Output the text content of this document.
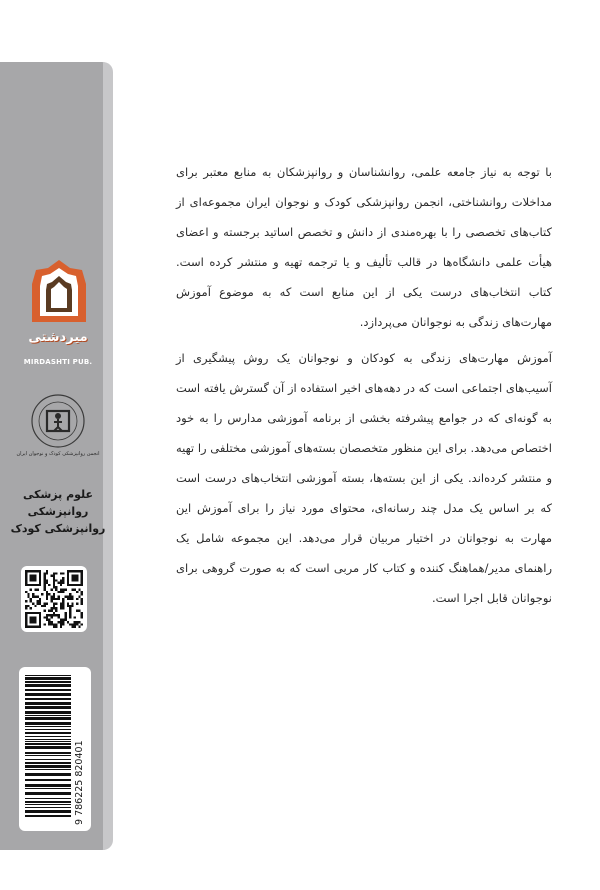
میردشتی
MIRDASHTI PUB.
انجمن روانپزشکی کودک و نوجوان ایران
علوم پزشکی
روانپزشکی
روانپزشکی کودک
9 786225 820401

با توجه به نیاز جامعه علمی، روانشناسان و روانپزشکان به منابع معتبر برای مداخلات روانشناختی، انجمن روانپزشکی کودک و نوجوان ایران مجموعه‌ای از کتاب‌های تخصصی را با بهره‌مندی از دانش و تخصص اساتید برجسته و اعضای هیأت علمی دانشگاه‌ها در قالب تألیف و یا ترجمه تهیه و منتشر کرده است. کتاب انتخاب‌های درست یکی از این منابع است که به موضوع آموزش مهارت‌های زندگی به نوجوانان می‌پردازد.

آموزش مهارت‌های زندگی به کودکان و نوجوانان یک روش پیشگیری از آسیب‌های اجتماعی است که در دهه‌های اخیر استفاده از آن گسترش یافته است به گونه‌ای که در جوامع پیشرفته بخشی از برنامه آموزشی مدارس را به خود اختصاص می‌دهد. برای این منظور متخصصان بسته‌های آموزشی مختلفی را تهیه و منتشر کرده‌اند. یکی از این بسته‌ها، بسته آموزشی انتخاب‌های درست است که بر اساس یک مدل چند رسانه‌ای، محتوای مورد نیاز را برای آموزش این مهارت به نوجوانان در اختیار مربیان قرار می‌دهد. این مجموعه شامل یک راهنمای مدیر/هماهنگ کننده و کتاب کار مربی است که به صورت گروهی برای نوجوانان قابل اجرا است.
